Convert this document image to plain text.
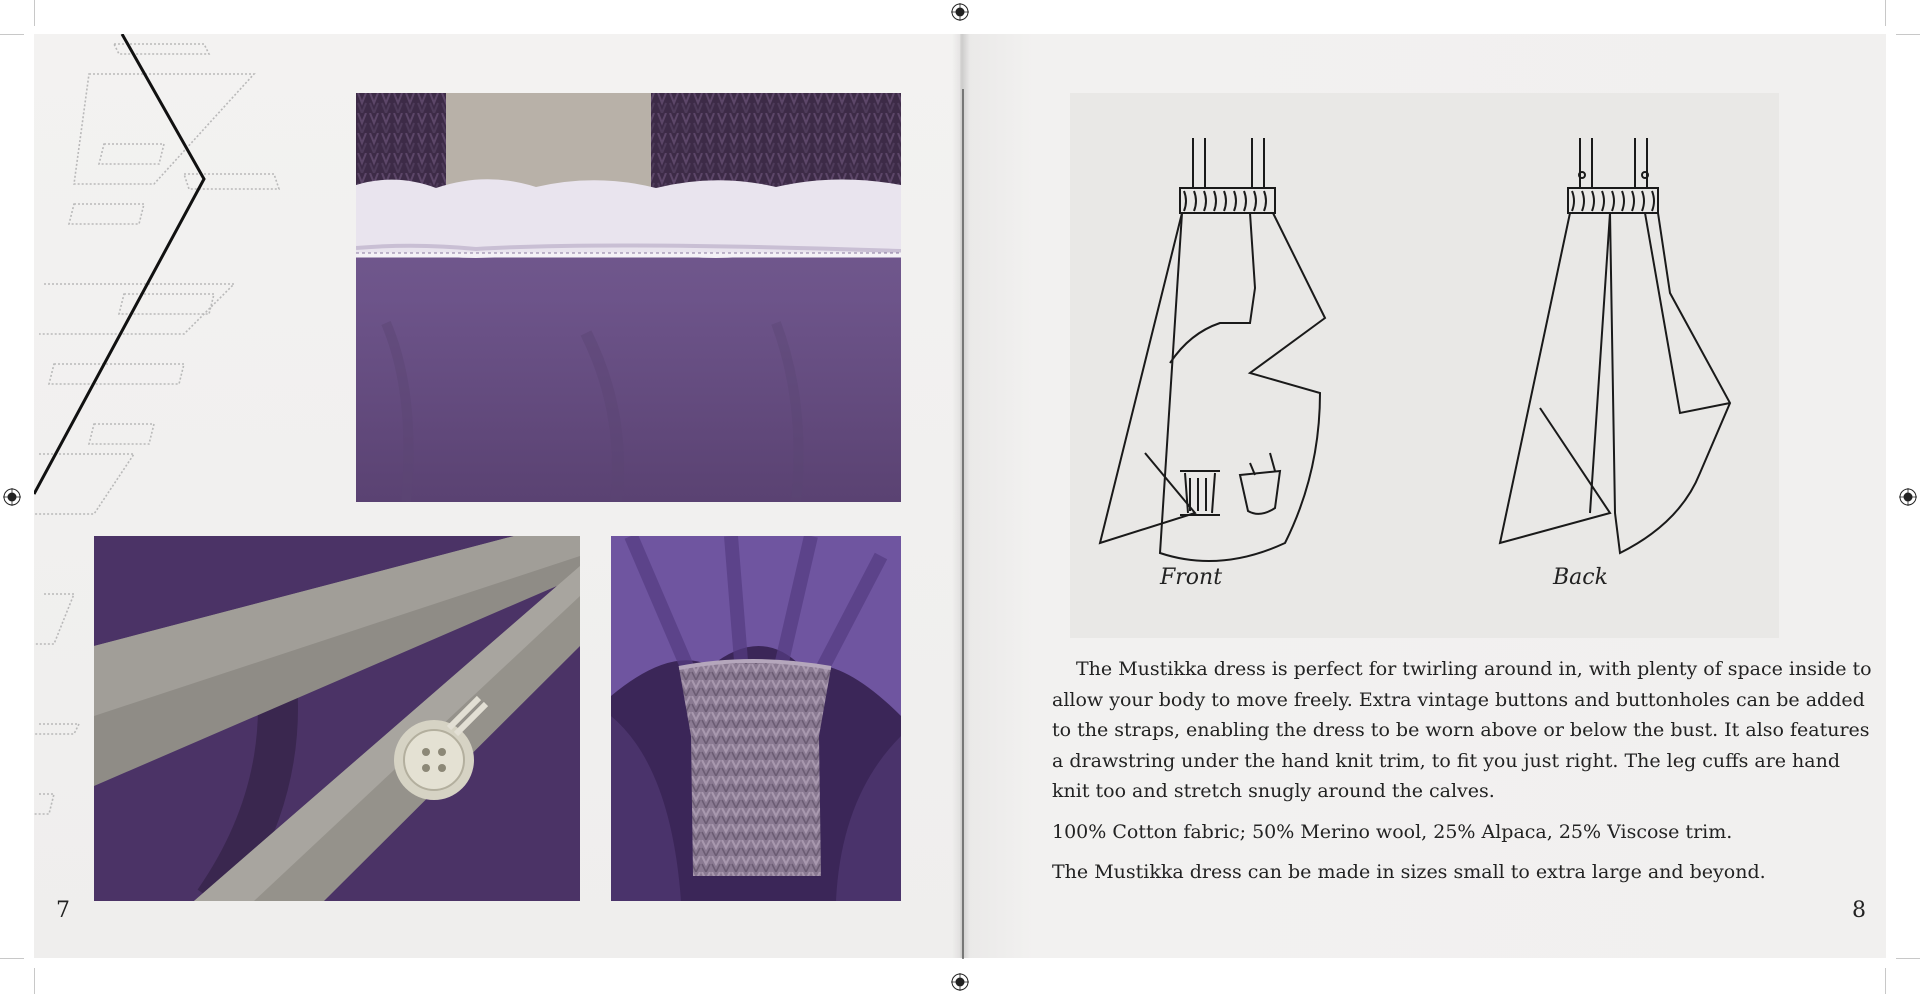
7
Front	Back

The Mustikka dress is perfect for twirling around in, with plenty of space inside to allow your body to move freely. Extra vintage buttons and buttonholes can be added to the straps, enabling the dress to be worn above or below the bust. It also features a drawstring under the hand knit trim, to fit you just right. The leg cuffs are hand knit too and stretch snugly around the calves.

100% Cotton fabric; 50% Merino wool, 25% Alpaca, 25% Viscose trim.

The Mustikka dress can be made in sizes small to extra large and beyond.

8
